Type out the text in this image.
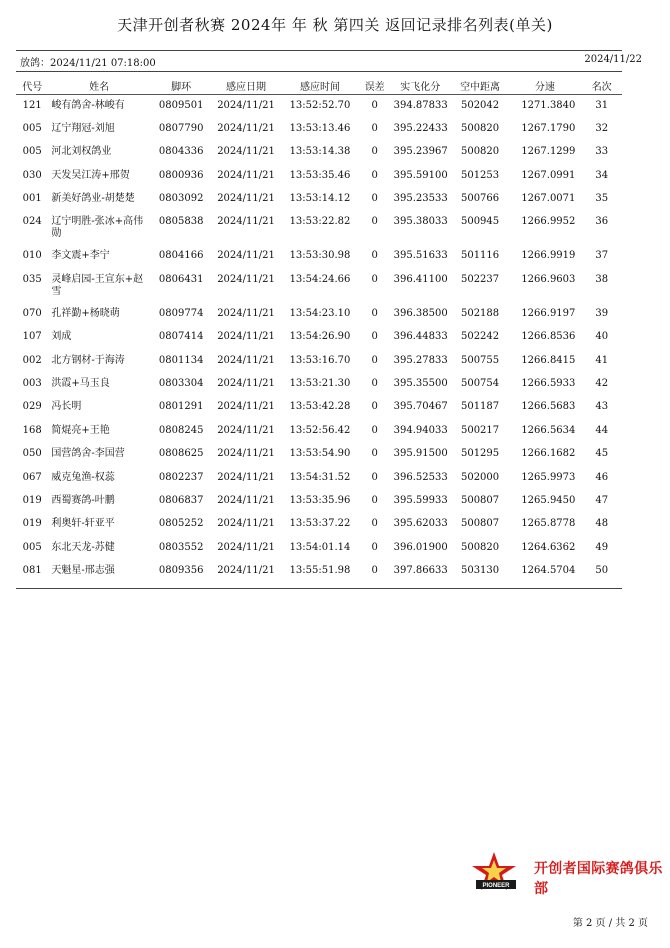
天津开创者秋赛 2024年 年 秋 第四关 返回记录排名列表(单关)
放鸽：2024/11/21 07:18:00	2024/11/22
代号	姓名	脚环	感应日期	感应时间	误差	实飞化分	空中距离	分速	名次
121	峻有鸽舍-林峻有	0809501	2024/11/21	13:52:52.70	0	394.87833	502042	1271.3840	31
005	辽宁翔冠-刘旭	0807790	2024/11/21	13:53:13.46	0	395.22433	500820	1267.1790	32
005	河北刘权鸽业	0804336	2024/11/21	13:53:14.38	0	395.23967	500820	1267.1299	33
030	天发吴江涛+邢贺	0800936	2024/11/21	13:53:35.46	0	395.59100	501253	1267.0991	34
001	新美好鸽业-胡楚楚	0803092	2024/11/21	13:53:14.12	0	395.23533	500766	1267.0071	35
024	辽宁明胜-张冰+高伟勋	0805838	2024/11/21	13:53:22.82	0	395.38033	500945	1266.9952	36
010	李文震+李宁	0804166	2024/11/21	13:53:30.98	0	395.51633	501116	1266.9919	37
035	灵峰启园-王宣东+赵雪	0806431	2024/11/21	13:54:24.66	0	396.41100	502237	1266.9603	38
070	孔祥勤+杨晓萌	0809774	2024/11/21	13:54:23.10	0	396.38500	502188	1266.9197	39
107	刘成	0807414	2024/11/21	13:54:26.90	0	396.44833	502242	1266.8536	40
002	北方钢材-于海涛	0801134	2024/11/21	13:53:16.70	0	395.27833	500755	1266.8415	41
003	洪霞+马玉良	0803304	2024/11/21	13:53:21.30	0	395.35500	500754	1266.5933	42
029	冯长明	0801291	2024/11/21	13:53:42.28	0	395.70467	501187	1266.5683	43
168	简焜亮+王艳	0808245	2024/11/21	13:52:56.42	0	394.94033	500217	1266.5634	44
050	国营鸽舍-李国营	0808625	2024/11/21	13:53:54.90	0	395.91500	501295	1266.1682	45
067	威克兔渔-权蕊	0802237	2024/11/21	13:54:31.52	0	396.52533	502000	1265.9973	46
019	西蜀赛鸽-叶鹏	0806837	2024/11/21	13:53:35.96	0	395.59933	500807	1265.9450	47
019	利奥轩-轩亚平	0805252	2024/11/21	13:53:37.22	0	395.62033	500807	1265.8778	48
005	东北天龙-苏健	0803552	2024/11/21	13:54:01.14	0	396.01900	500820	1264.6362	49
081	天魁星-邢志强	0809356	2024/11/21	13:55:51.98	0	397.86633	503130	1264.5704	50
PIONEER
开创者国际赛鸽俱乐部
第 2 页 / 共 2 页
